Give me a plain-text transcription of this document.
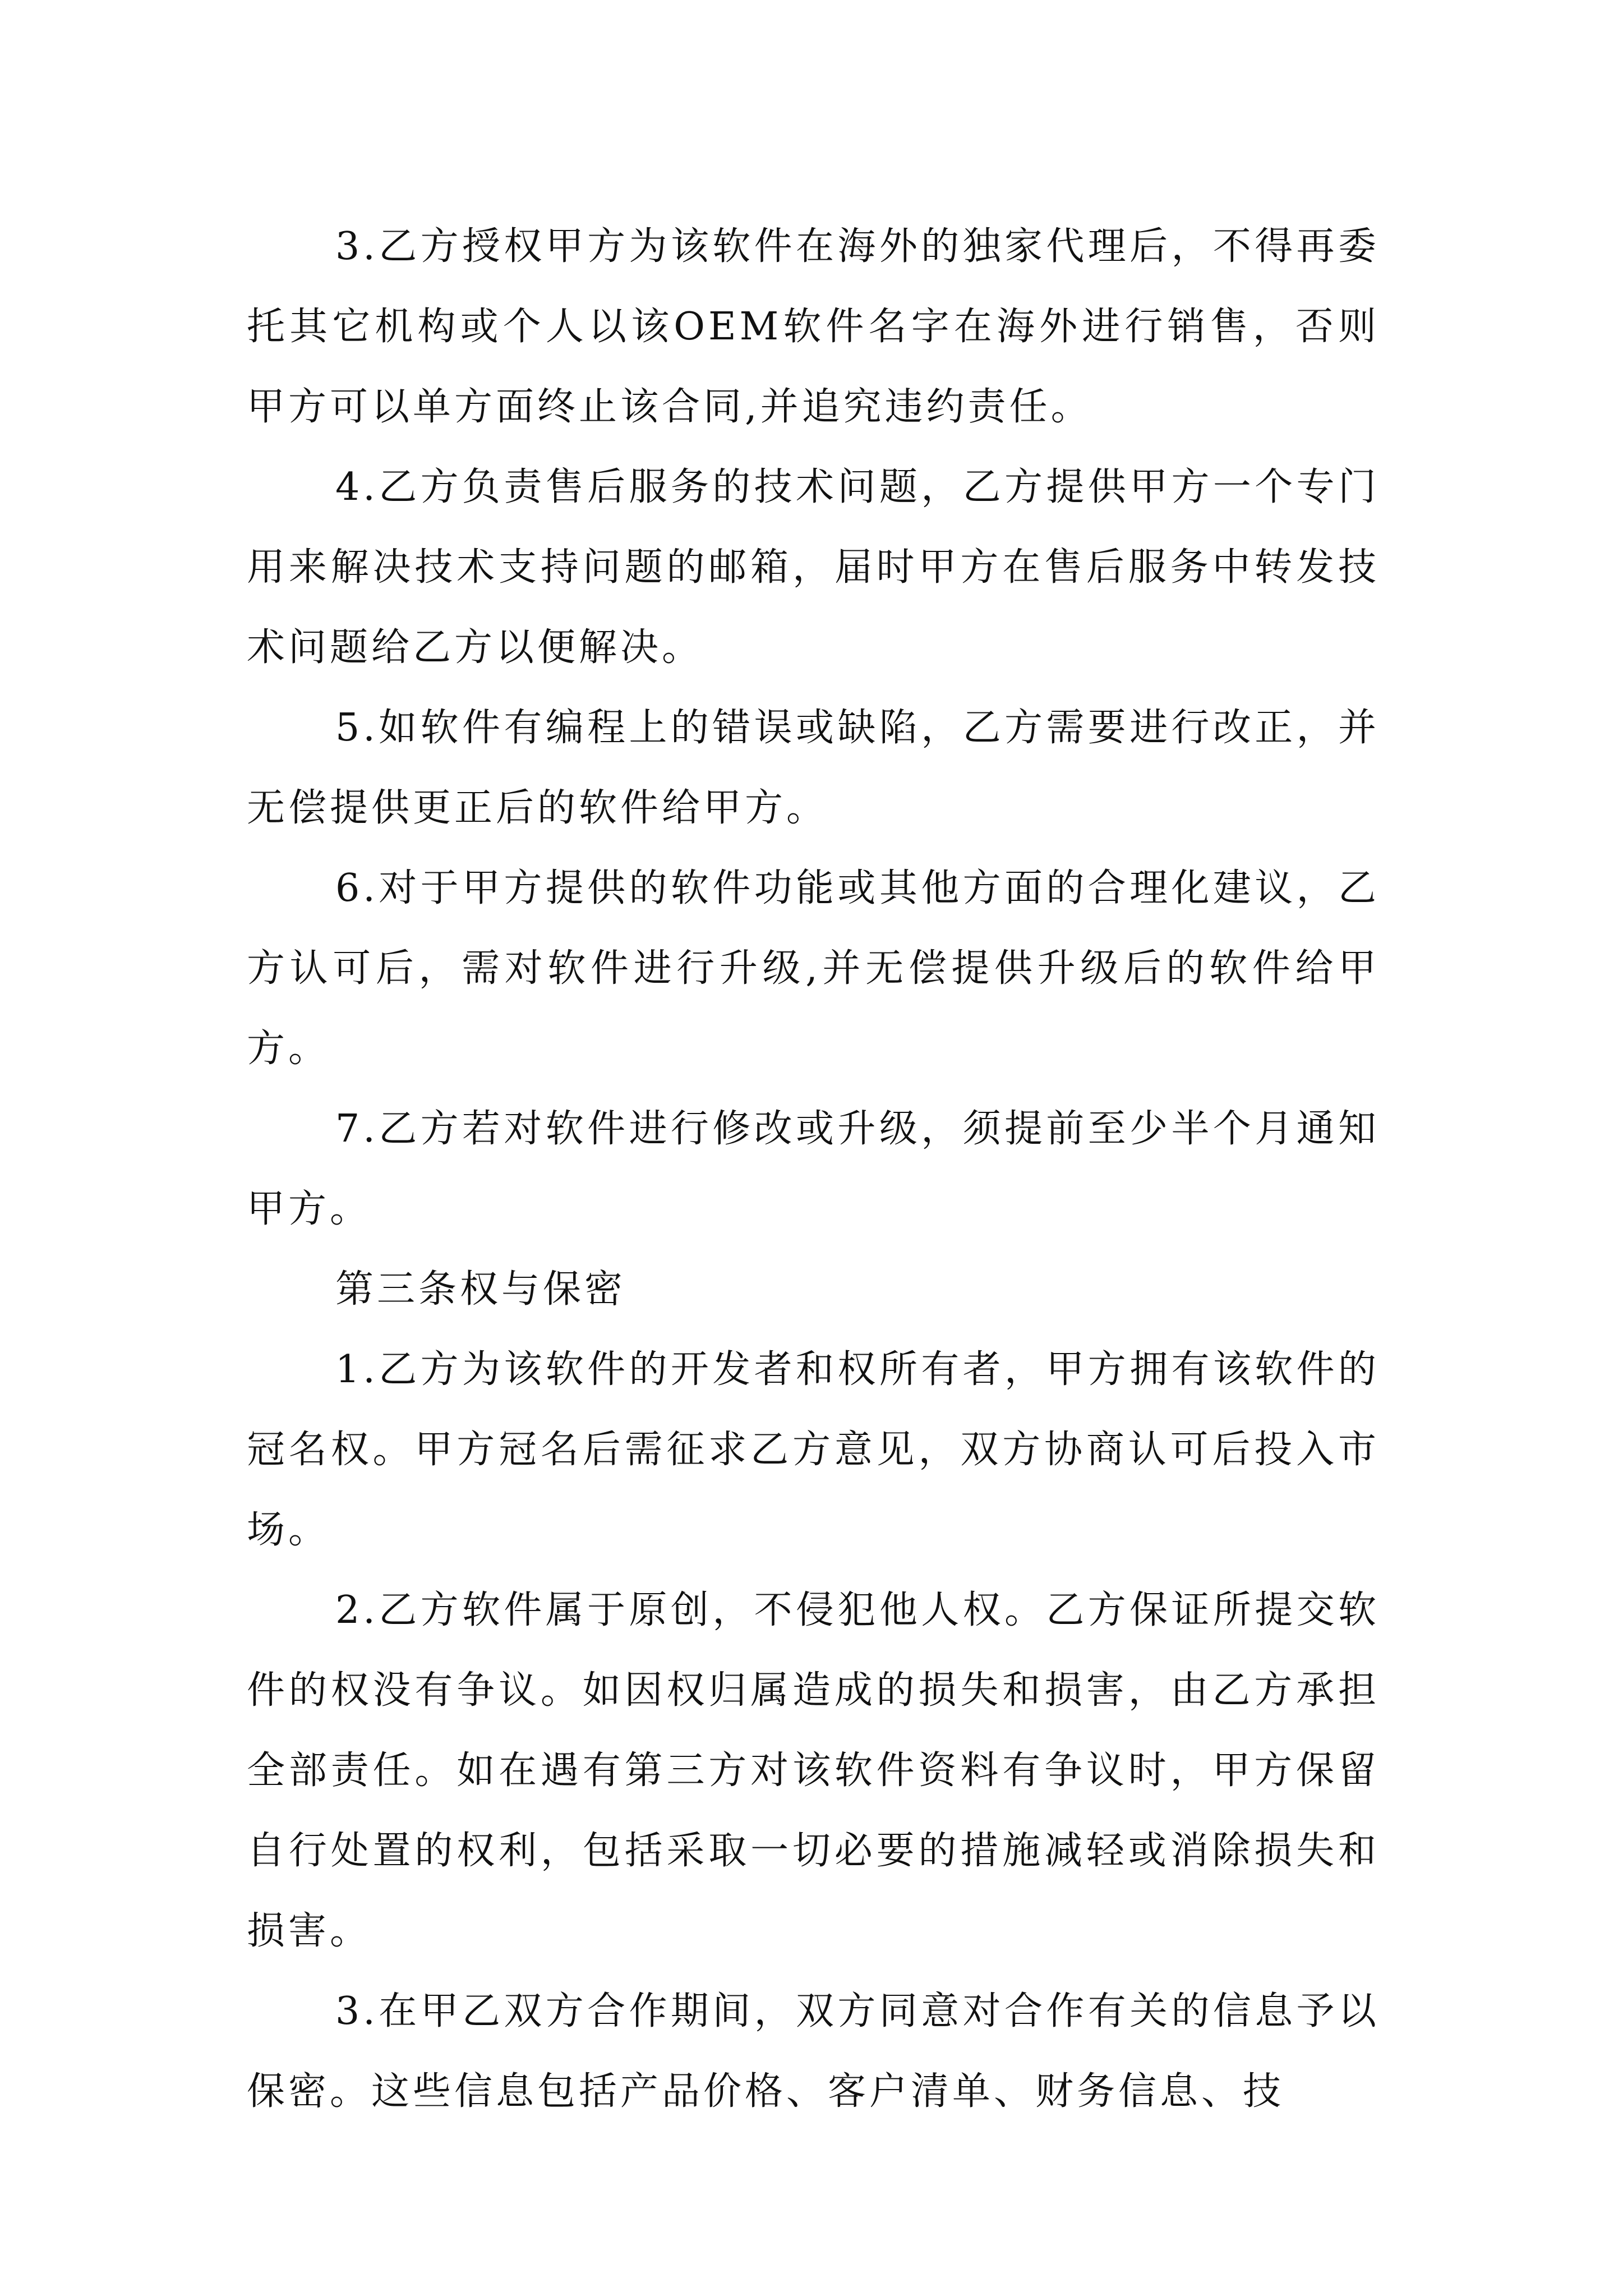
3.乙方授权甲方为该软件在海外的独家代理后，不得再委托其它机构或个人以该OEM软件名字在海外进行销售，否则甲方可以单方面终止该合同,并追究违约责任。

4.乙方负责售后服务的技术问题，乙方提供甲方一个专门用来解决技术支持问题的邮箱，届时甲方在售后服务中转发技术问题给乙方以便解决。

5.如软件有编程上的错误或缺陷，乙方需要进行改正，并无偿提供更正后的软件给甲方。

6.对于甲方提供的软件功能或其他方面的合理化建议，乙方认可后，需对软件进行升级,并无偿提供升级后的软件给甲方。

7.乙方若对软件进行修改或升级，须提前至少半个月通知甲方。

第三条权与保密

1.乙方为该软件的开发者和权所有者，甲方拥有该软件的冠名权。甲方冠名后需征求乙方意见，双方协商认可后投入市场。

2.乙方软件属于原创，不侵犯他人权。乙方保证所提交软件的权没有争议。如因权归属造成的损失和损害，由乙方承担全部责任。如在遇有第三方对该软件资料有争议时，甲方保留自行处置的权利，包括采取一切必要的措施减轻或消除损失和损害。

3.在甲乙双方合作期间，双方同意对合作有关的信息予以保密。这些信息包括产品价格、客户清单、财务信息、技
